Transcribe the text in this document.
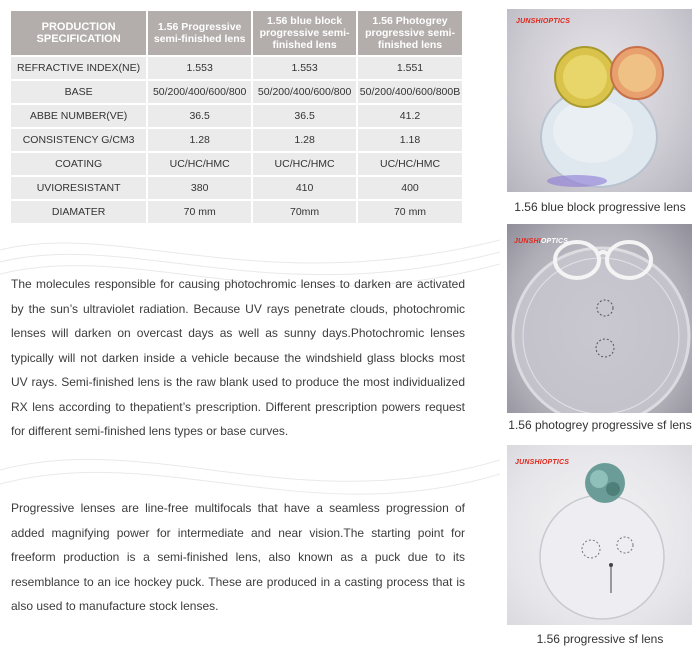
PRODUCTION SPECIFICATION	1.56 Progressive semi-finished lens	1.56 blue block progressive semi-finished lens	1.56 Photogrey progressive semi-finished lens
REFRACTIVE INDEX(NE)	1.553	1.553	1.551
BASE	50/200/400/600/800	50/200/400/600/800	50/200/400/600/800B
ABBE NUMBER(VE)	36.5	36.5	41.2
CONSISTENCY G/CM3	1.28	1.28	1.18
COATING	UC/HC/HMC	UC/HC/HMC	UC/HC/HMC
UVIORESISTANT	380	410	400
DIAMATER	70 mm	70mm	70 mm

The molecules responsible for causing photochromic lenses to darken are activated by the sun’s ultraviolet radiation. Because UV rays penetrate clouds, photochromic lenses will darken on overcast days as well as sunny days.Photochromic lenses typically will not darken inside a vehicle because the windshield glass blocks most UV rays. Semi-finished lens is the raw blank used to produce the most individualized RX lens according to thepatient’s prescription. Different prescription powers request for different semi-finished lens types or base curves.

Progressive lenses are line-free multifocals that have a seamless progression of added magnifying power for intermediate and near vision.The starting point for freeform production is a semi-finished lens, also known as a puck due to its resemblance to an ice hockey puck. These are produced in a casting process that is also used to manufacture stock lenses.

JUNSHIOPTICS
1.56 blue block progressive lens
JUNSHIOPTICS
1.56 photogrey progressive sf lens
JUNSHIOPTICS
1.56 progressive sf lens
